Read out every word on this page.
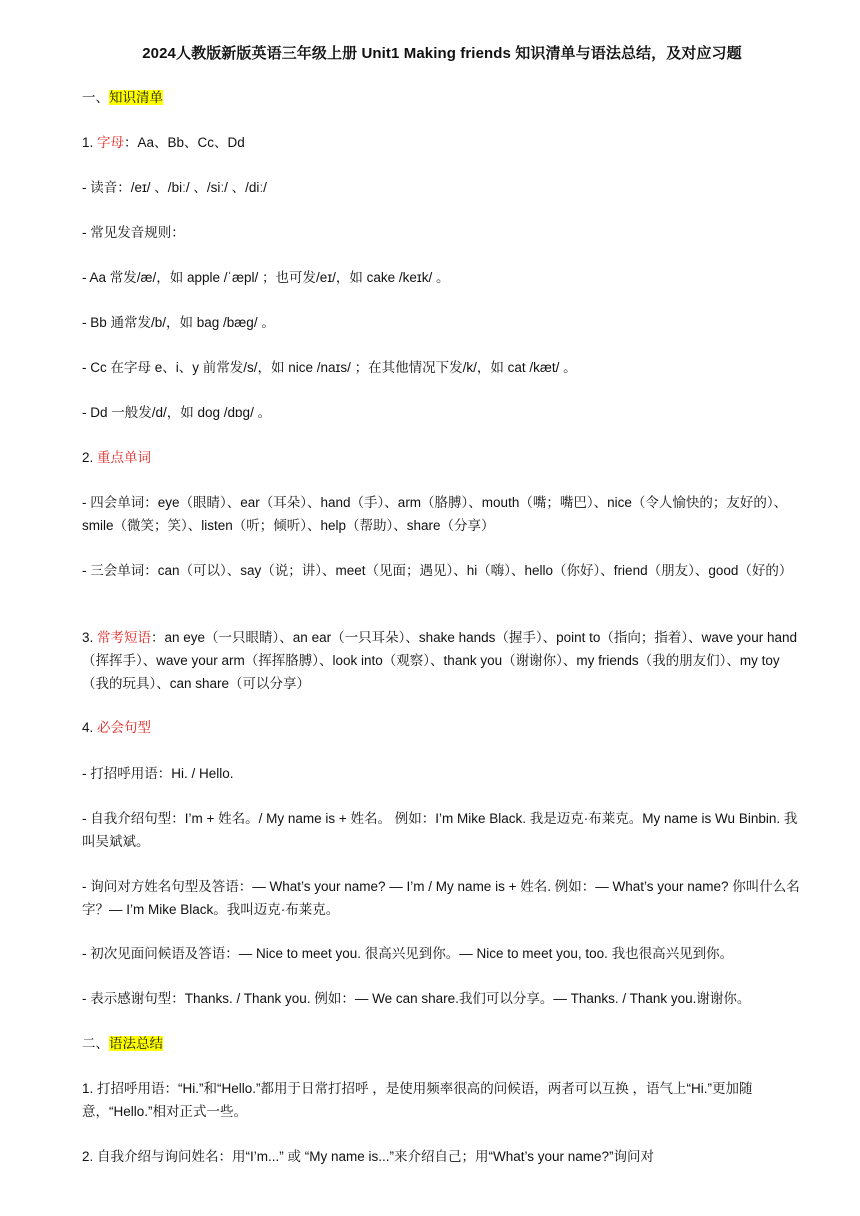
2024人教版新版英语三年级上册 Unit1 Making friends 知识清单与语法总结，及对应习题
一、知识清单
1. 字母：Aa、Bb、Cc、Dd
- 读音：/eɪ/ 、/biː/ 、/siː/ 、/diː/
- 常见发音规则：
- Aa 常发/æ/，如 apple /ˈæpl/ ；也可发/eɪ/，如 cake /keɪk/ 。
- Bb 通常发/b/，如 bag /bæɡ/ 。
- Cc 在字母 e、i、y 前常发/s/，如 nice /naɪs/ ；在其他情况下发/k/，如 cat /kæt/ 。
- Dd 一般发/d/，如 dog /dɒɡ/ 。
2. 重点单词
- 四会单词：eye（眼睛）、ear（耳朵）、hand（手）、arm（胳膊）、mouth（嘴；嘴巴）、nice（令人愉快的；友好的）、smile（微笑；笑）、listen（听；倾听）、help（帮助）、share（分享）
- 三会单词：can（可以）、say（说；讲）、meet（见面；遇见）、hi（嗨）、hello（你好）、friend（朋友）、good（好的）
3. 常考短语：an eye（一只眼睛）、an ear（一只耳朵）、shake hands（握手）、point to（指向；指着）、wave your hand（挥挥手）、wave your arm（挥挥胳膊）、look into（观察）、thank you（谢谢你）、my friends（我的朋友们）、my toy（我的玩具）、can share（可以分享）
4. 必会句型
- 打招呼用语：Hi. / Hello.
- 自我介绍句型：I’m + 姓名。/ My name is + 姓名。 例如：I’m Mike Black. 我是迈克·布莱克。My name is Wu Binbin. 我叫吴斌斌。
- 询问对方姓名句型及答语：— What’s your name? — I’m / My name is + 姓名. 例如：— What’s your name? 你叫什么名字？— I’m Mike Black。我叫迈克·布莱克。
- 初次见面问候语及答语：— Nice to meet you. 很高兴见到你。— Nice to meet you, too. 我也很高兴见到你。
- 表示感谢句型：Thanks. / Thank you. 例如：— We can share.我们可以分享。— Thanks. / Thank you.谢谢你。
二、语法总结
1. 打招呼用语：“Hi.”和“Hello.”都用于日常打招呼 ，是使用频率很高的问候语，两者可以互换 ，语气上“Hi.”更加随意，“Hello.”相对正式一些。
2. 自我介绍与询问姓名：用“I’m...” 或 “My name is...”来介绍自己；用“What’s your name?”询问对
